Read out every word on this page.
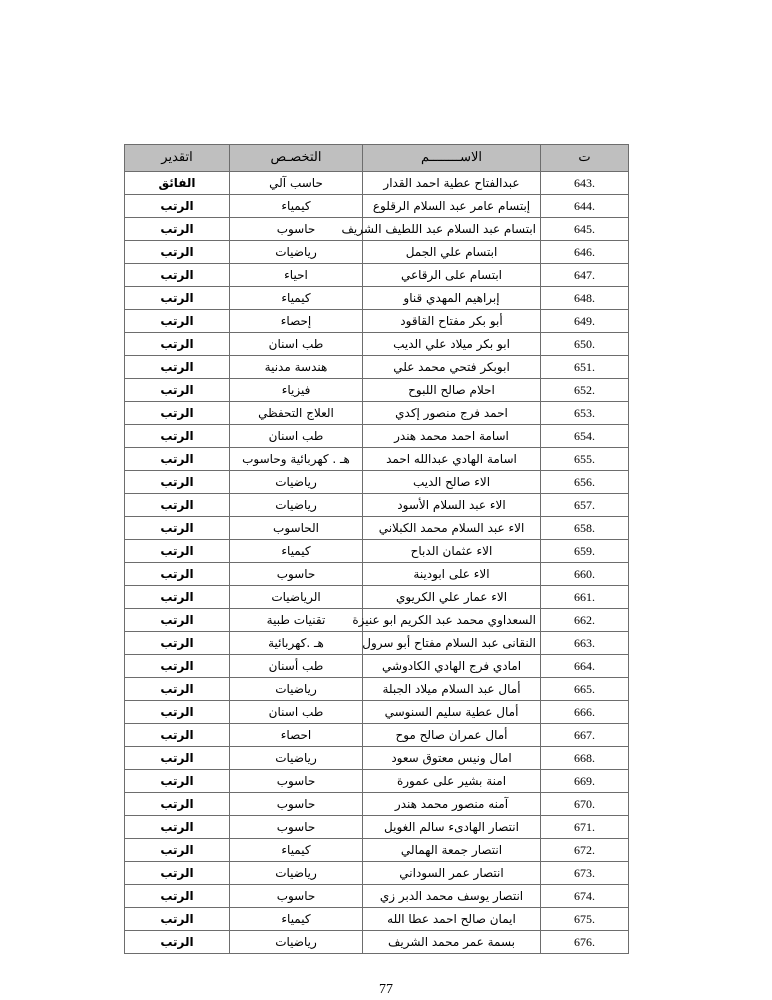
اتقدير	التخصـص	الاســــــــم	ت
الفائق	حاسب آلي	عبدالفتاح عطية احمد القدار	643.
الرتب	كيمياء	إبتسام عامر عبد السلام الرقلوع	644.
الرتب	حاسوب	ابتسام عبد السلام عبد اللطيف الشريف	645.
الرتب	رياضيات	ابتسام علي الجمل	646.
الرتب	احياء	ابتسام على الرقاعي	647.
الرتب	كيمياء	إبراهيم المهدي قناو	648.
الرتب	إحصاء	أبو بكر مفتاح القاقود	649.
الرتب	طب اسنان	ابو بكر ميلاد علي الديب	650.
الرتب	هندسة مدنية	ابوبكر فتحي محمد علي	651.
الرتب	فيزياء	احلام صالح اللبوح	652.
الرتب	العلاج التحفظي	احمد فرج منصور إكدي	653.
الرتب	طب اسنان	اسامة احمد محمد هندر	654.
الرتب	هـ . كهربائية وحاسوب	اسامة الهادي عبدالله احمد	655.
الرتب	رياضيات	الاء صالح الديب	656.
الرتب	رياضيات	الاء عبد السلام الأسود	657.
الرتب	الحاسوب	الاء عبد السلام محمد الكبلاني	658.
الرتب	كيمياء	الاء عثمان الدباح	659.
الرتب	حاسوب	الاء على ابودينة	660.
الرتب	الرياضيات	الاء عمار علي الكريوي	661.
الرتب	تقنيات طبية	السعداوي محمد عبد الكريم ابو عنيزة	662.
الرتب	هـ .كهربائية	النقانى عبد السلام مفتاح أبو سرول	663.
الرتب	طب أسنان	امادي فرج الهادي الكادوشي	664.
الرتب	رياضيات	أمال عبد السلام ميلاد الجبلة	665.
الرتب	طب اسنان	أمال عطية سليم السنوسي	666.
الرتب	احصاء	أمال عمران صالح موح	667.
الرتب	رياضيات	امال ونيس معتوق سعود	668.
الرتب	حاسوب	امنة بشير على عمورة	669.
الرتب	حاسوب	آمنه منصور محمد هندر	670.
الرتب	حاسوب	انتصار الهادىء سالم الغويل	671.
الرتب	كيمياء	انتصار جمعة الهمالي	672.
الرتب	رياضيات	انتصار عمر السوداني	673.
الرتب	حاسوب	انتصار يوسف محمد الدبر زي	674.
الرتب	كيمياء	ايمان صالح احمد عطا الله	675.
الرتب	رياضيات	بسمة عمر محمد الشريف	676.
77
